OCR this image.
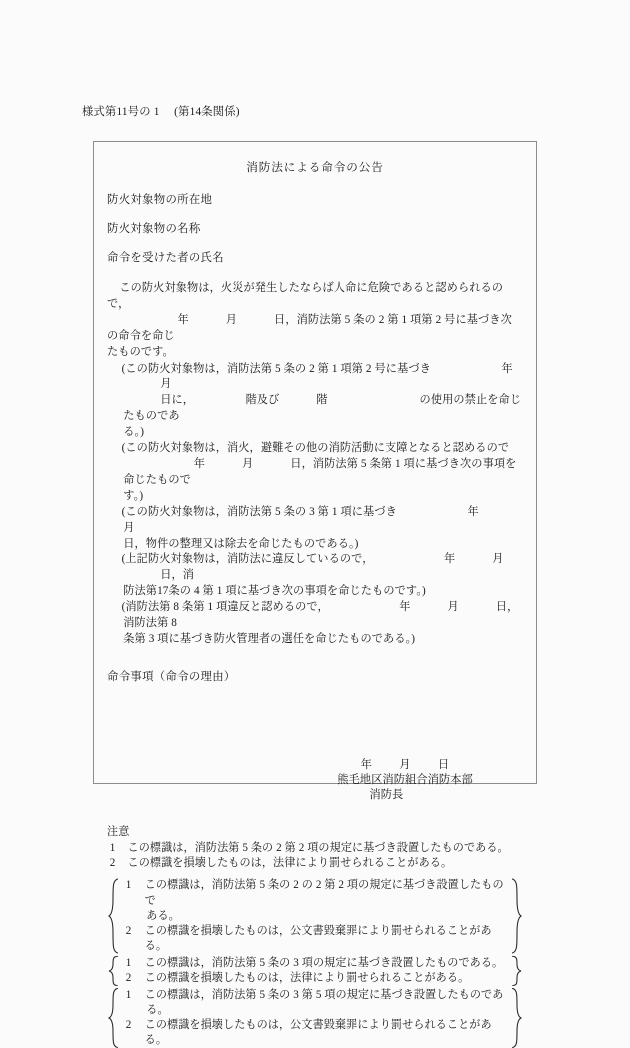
様式第11号の 1 　(第14条関係)
消防法による命令の公告
防火対象物の所在地
防火対象物の名称
命令を受けた者の氏名

この防火対象物は，火災が発生したならば人命に危険であると認められるので，
年	月	日，消防法第 5 条の 2 第 1 項第 2 号に基づき次の命令を命じ
たものです。

(この防火対象物は，消防法第 5 条の 2 第 1 項第 2 号に基づき	年月
日に，	階及び	階	の使用の禁止を命じたものであ
る。)

(この防火対象物は，消火，避難その他の消防活動に支障となると認めるので
年	月	日，消防法第 5 条第 1 項に基づき次の事項を命じたもので
す。)

(この防火対象物は，消防法第 5 条の 3 第 1 項に基づき	年月
日，物件の整理又は除去を命じたものである。)

(上記防火対象物は，消防法に違反しているので，	年	月日，消
防法第17条の 4 第 1 項に基づき次の事項を命じたものです。)

(消防法第 8 条第 1 項違反と認めるので，	年	月	日，消防法第 8
条第 3 項に基づき防火管理者の選任を命じたものである。)

命令事項（命令の理由）
年 月 日
熊毛地区消防組合消防本部
消防長
注意
1	この標識は，消防法第 5 条の 2 第 2 項の規定に基づき設置したものである。
2	この標識を損壊したものは，法律により罰せられることがある。
1	この標識は，消防法第 5 条の 2 の 2 第 2 項の規定に基づき設置したもので
ある。
2	この標識を損壊したものは，公文書毀棄罪により罰せられることがある。
1	この標識は，消防法第 5 条の 3 項の規定に基づき設置したものである。
2	この標識を損壊したものは，法律により罰せられることがある。
1	この標識は，消防法第 5 条の 3 第 5 項の規定に基づき設置したものであ
る。
2	この標識を損壊したものは，公文書毀棄罪により罰せられることがある。
